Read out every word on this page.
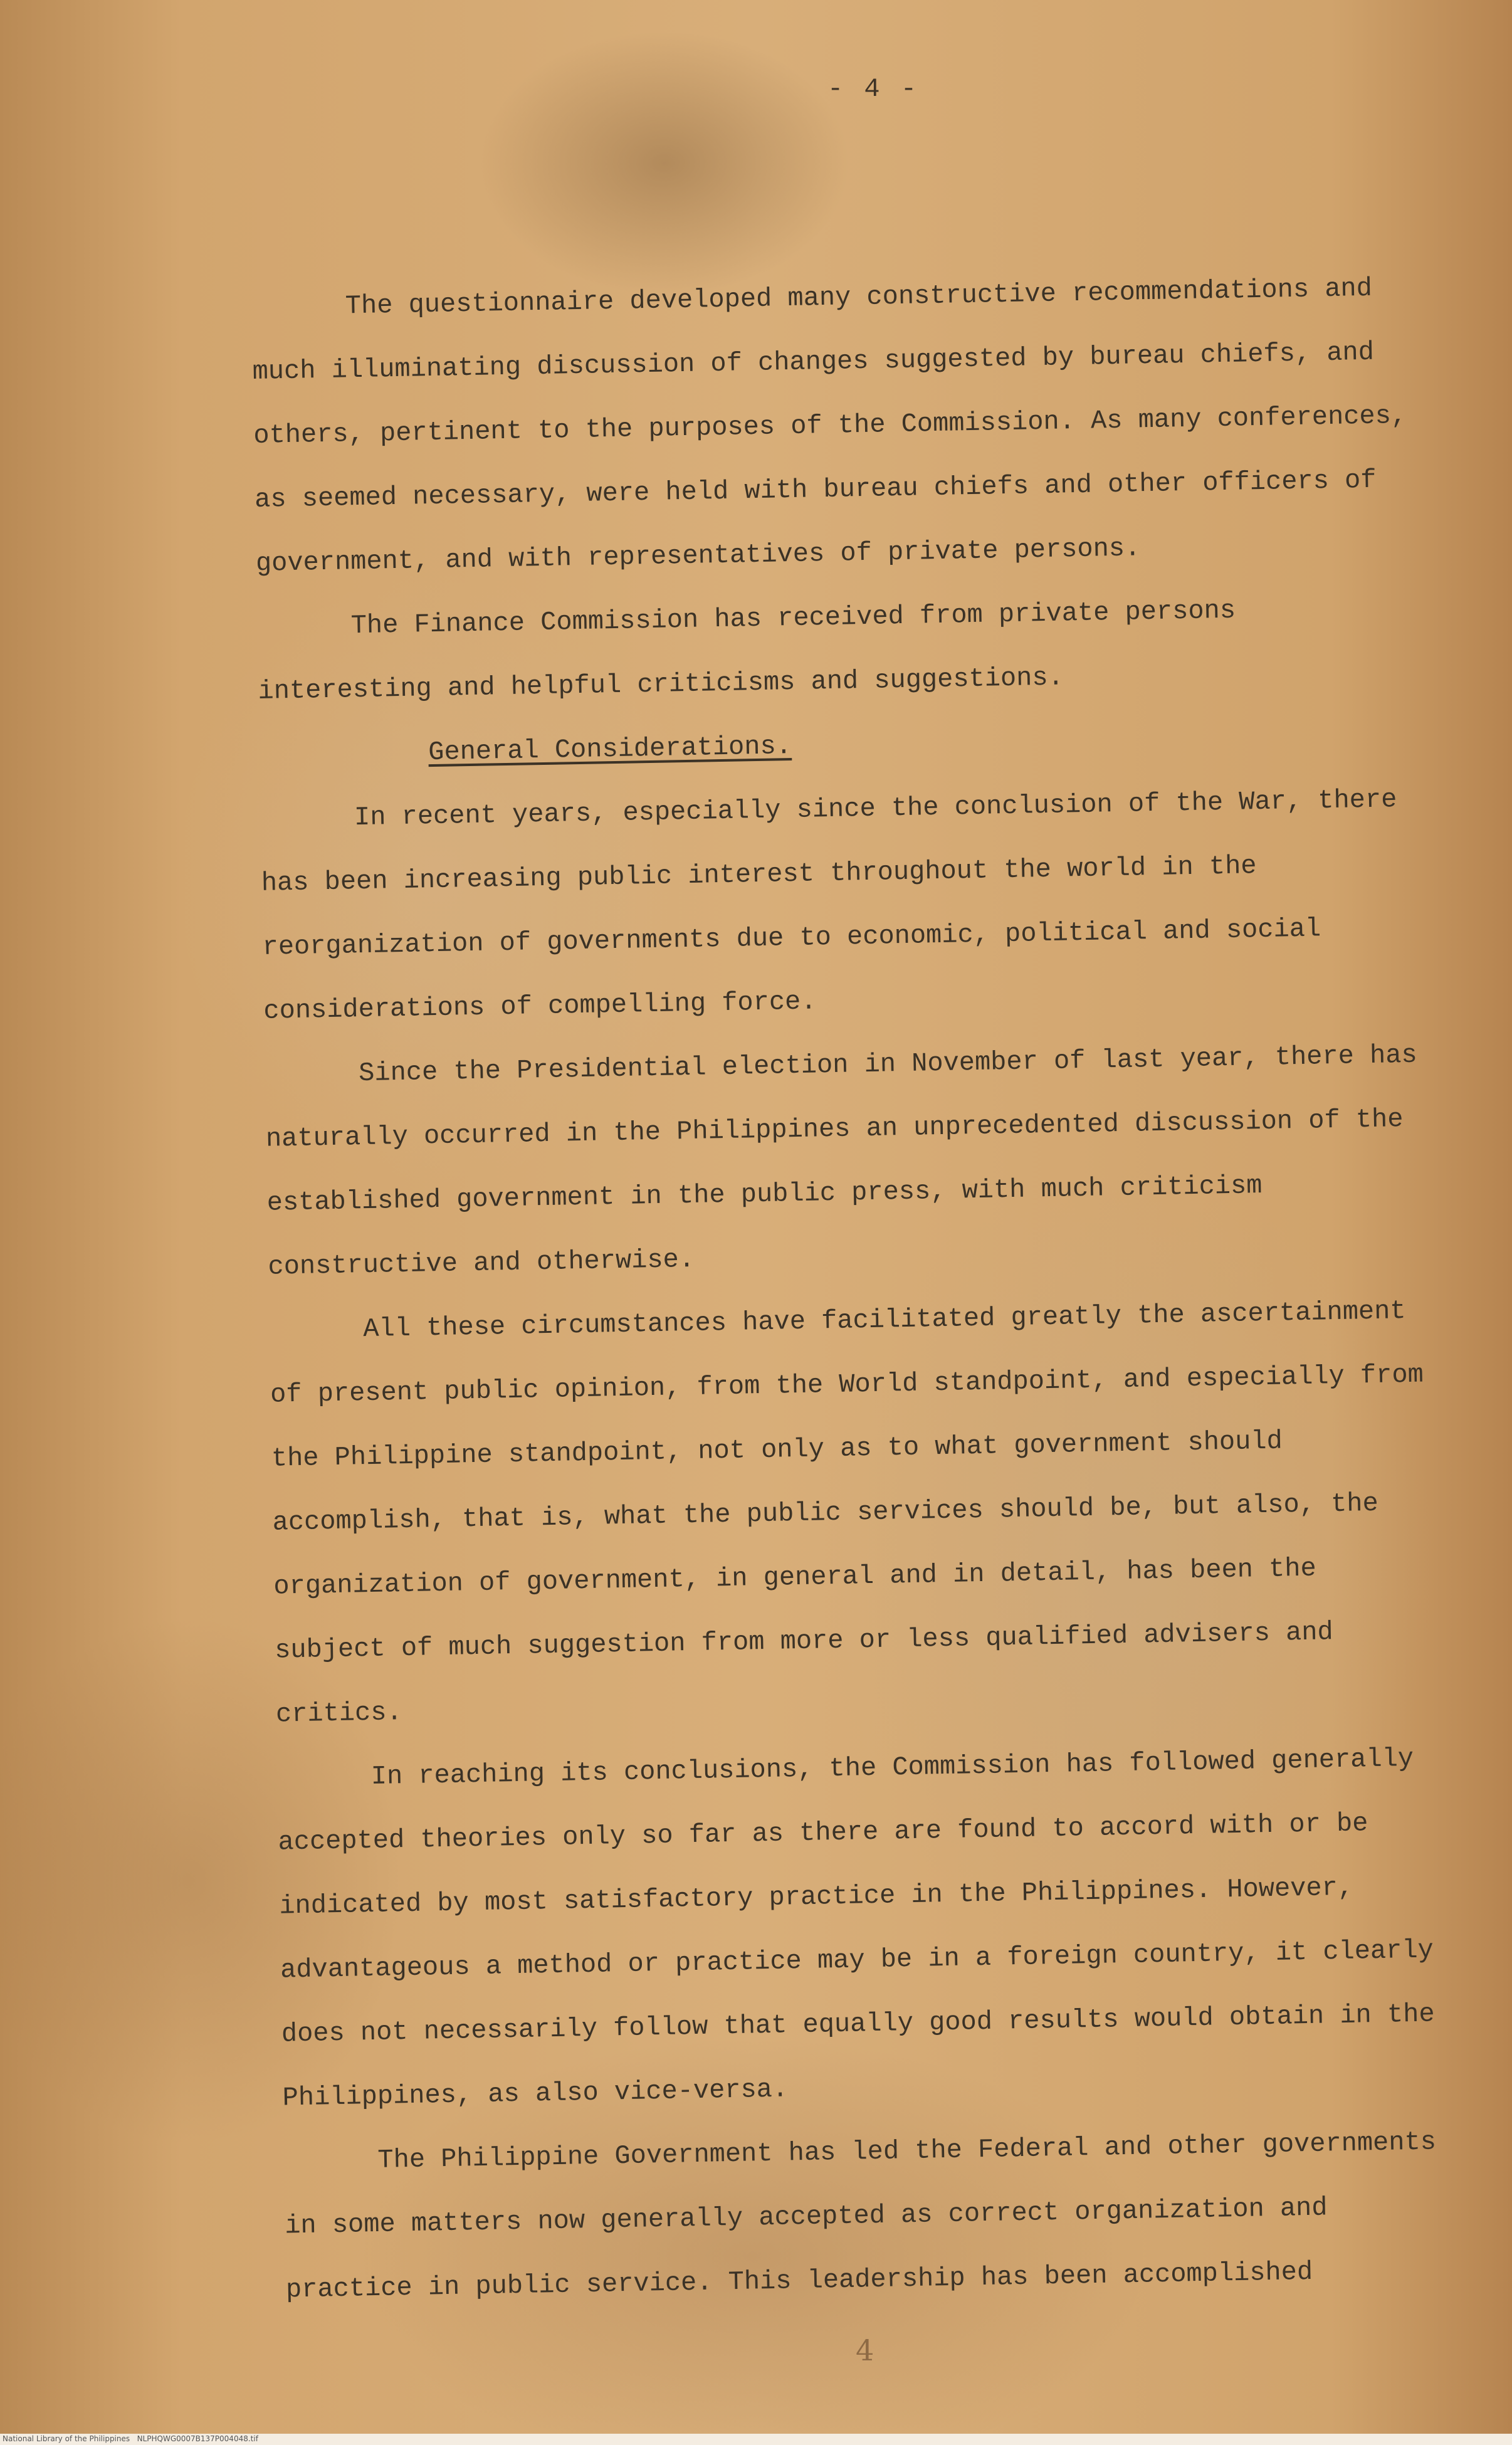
- 4 -

The questionnaire developed many constructive recommendations and much illuminating discussion of changes suggested by bureau chiefs, and others, pertinent to the purposes of the Commission. As many conferences, as seemed necessary, were held with bureau chiefs and other officers of government, and with representatives of private persons.

The Finance Commission has received from private persons interesting and helpful criticisms and suggestions.

General Considerations.

In recent years, especially since the conclusion of the War, there has been increasing public interest throughout the world in the reorganization of governments due to economic, political and social considerations of compelling force.

Since the Presidential election in November of last year, there has naturally occurred in the Philippines an unprecedented discussion of the established government in the public press, with much criticism constructive and otherwise.

All these circumstances have facilitated greatly the ascertainment of present public opinion, from the World standpoint, and especially from the Philippine standpoint, not only as to what government should accomplish, that is, what the public services should be, but also, the organization of government, in general and in detail, has been the subject of much suggestion from more or less qualified advisers and critics.

In reaching its conclusions, the Commission has followed generally accepted theories only so far as there are found to accord with or be indicated by most satisfactory practice in the Philippines. However, advantageous a method or practice may be in a foreign country, it clearly does not necessarily follow that equally good results would obtain in the Philippines, as also vice-versa.

The Philippine Government has led the Federal and other governments in some matters now generally accepted as correct organization and practice in public service. This leadership has been accomplished

4
National Library of the Philippines NLPHQWG0007B137P004048.tif
